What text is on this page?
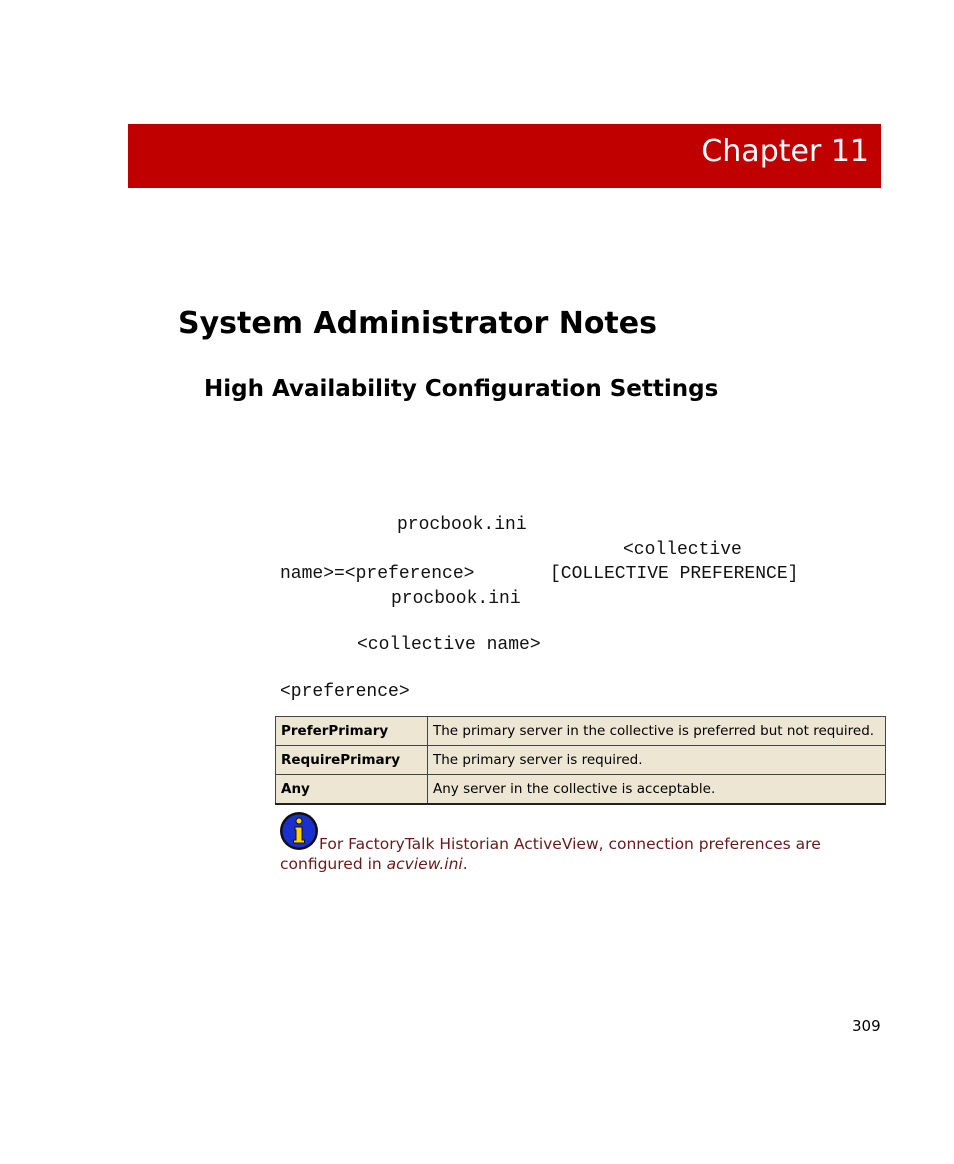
Chapter 11
System Administrator Notes
High Availability Configuration Settings
procbook.ini
<collective
name>=<preference>	[COLLECTIVE PREFERENCE]
procbook.ini
<collective name>
<preference>
PreferPrimary	The primary server in the collective is preferred but not required.
RequirePrimary	The primary server is required.
Any	Any server in the collective is acceptable.
For FactoryTalk Historian ActiveView, connection preferences are configured in acview.ini.
309
